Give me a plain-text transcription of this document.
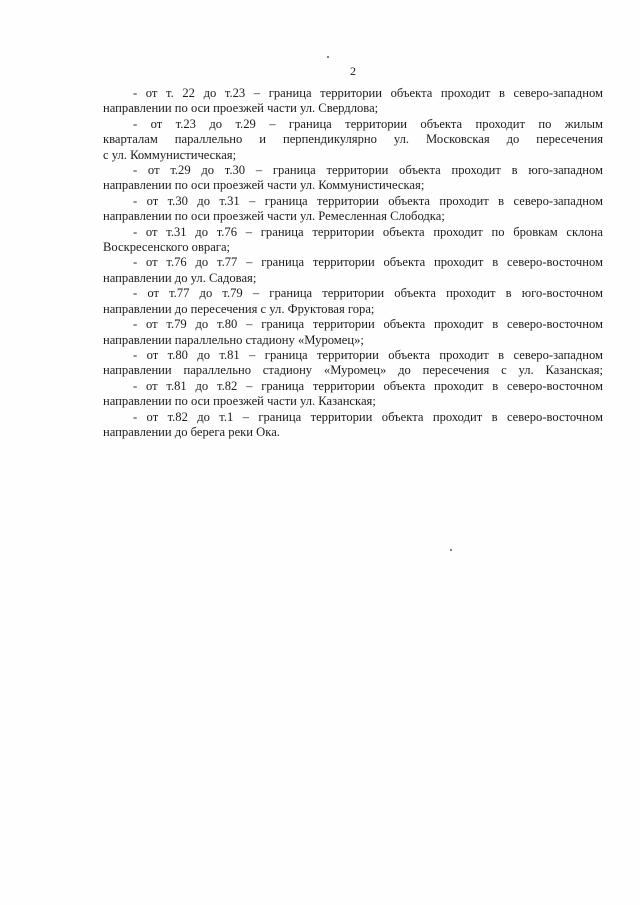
2

- от т. 22 до т.23 – граница территории объекта проходит в северо-западном
направлении по оси проезжей части ул. Свердлова;

- от т.23 до т.29 – граница территории объекта проходит по жилым
кварталам параллельно и перпендикулярно ул. Московская до пересечения
с ул. Коммунистическая;

- от т.29 до т.30 – граница территории объекта проходит в юго-западном
направлении по оси проезжей части ул. Коммунистическая;

- от т.30 до т.31 – граница территории объекта проходит в северо-западном
направлении по оси проезжей части ул. Ремесленная Слободка;

- от т.31 до т.76 – граница территории объекта проходит по бровкам склона
Воскресенского оврага;

- от т.76 до т.77 – граница территории объекта проходит в северо-восточном
направлении до ул. Садовая;

- от т.77 до т.79 – граница территории объекта проходит в юго-восточном
направлении до пересечения с ул. Фруктовая гора;

- от т.79 до т.80 – граница территории объекта проходит в северо-восточном
направлении параллельно стадиону «Муромец»;

- от т.80 до т.81 – граница территории объекта проходит в северо-западном
направлении параллельно стадиону «Муромец» до пересечения с ул. Казанская;

- от т.81 до т.82 – граница территории объекта проходит в северо-восточном
направлении по оси проезжей части ул. Казанская;

- от т.82 до т.1 – граница территории объекта проходит в северо-восточном
направлении до берега реки Ока.
